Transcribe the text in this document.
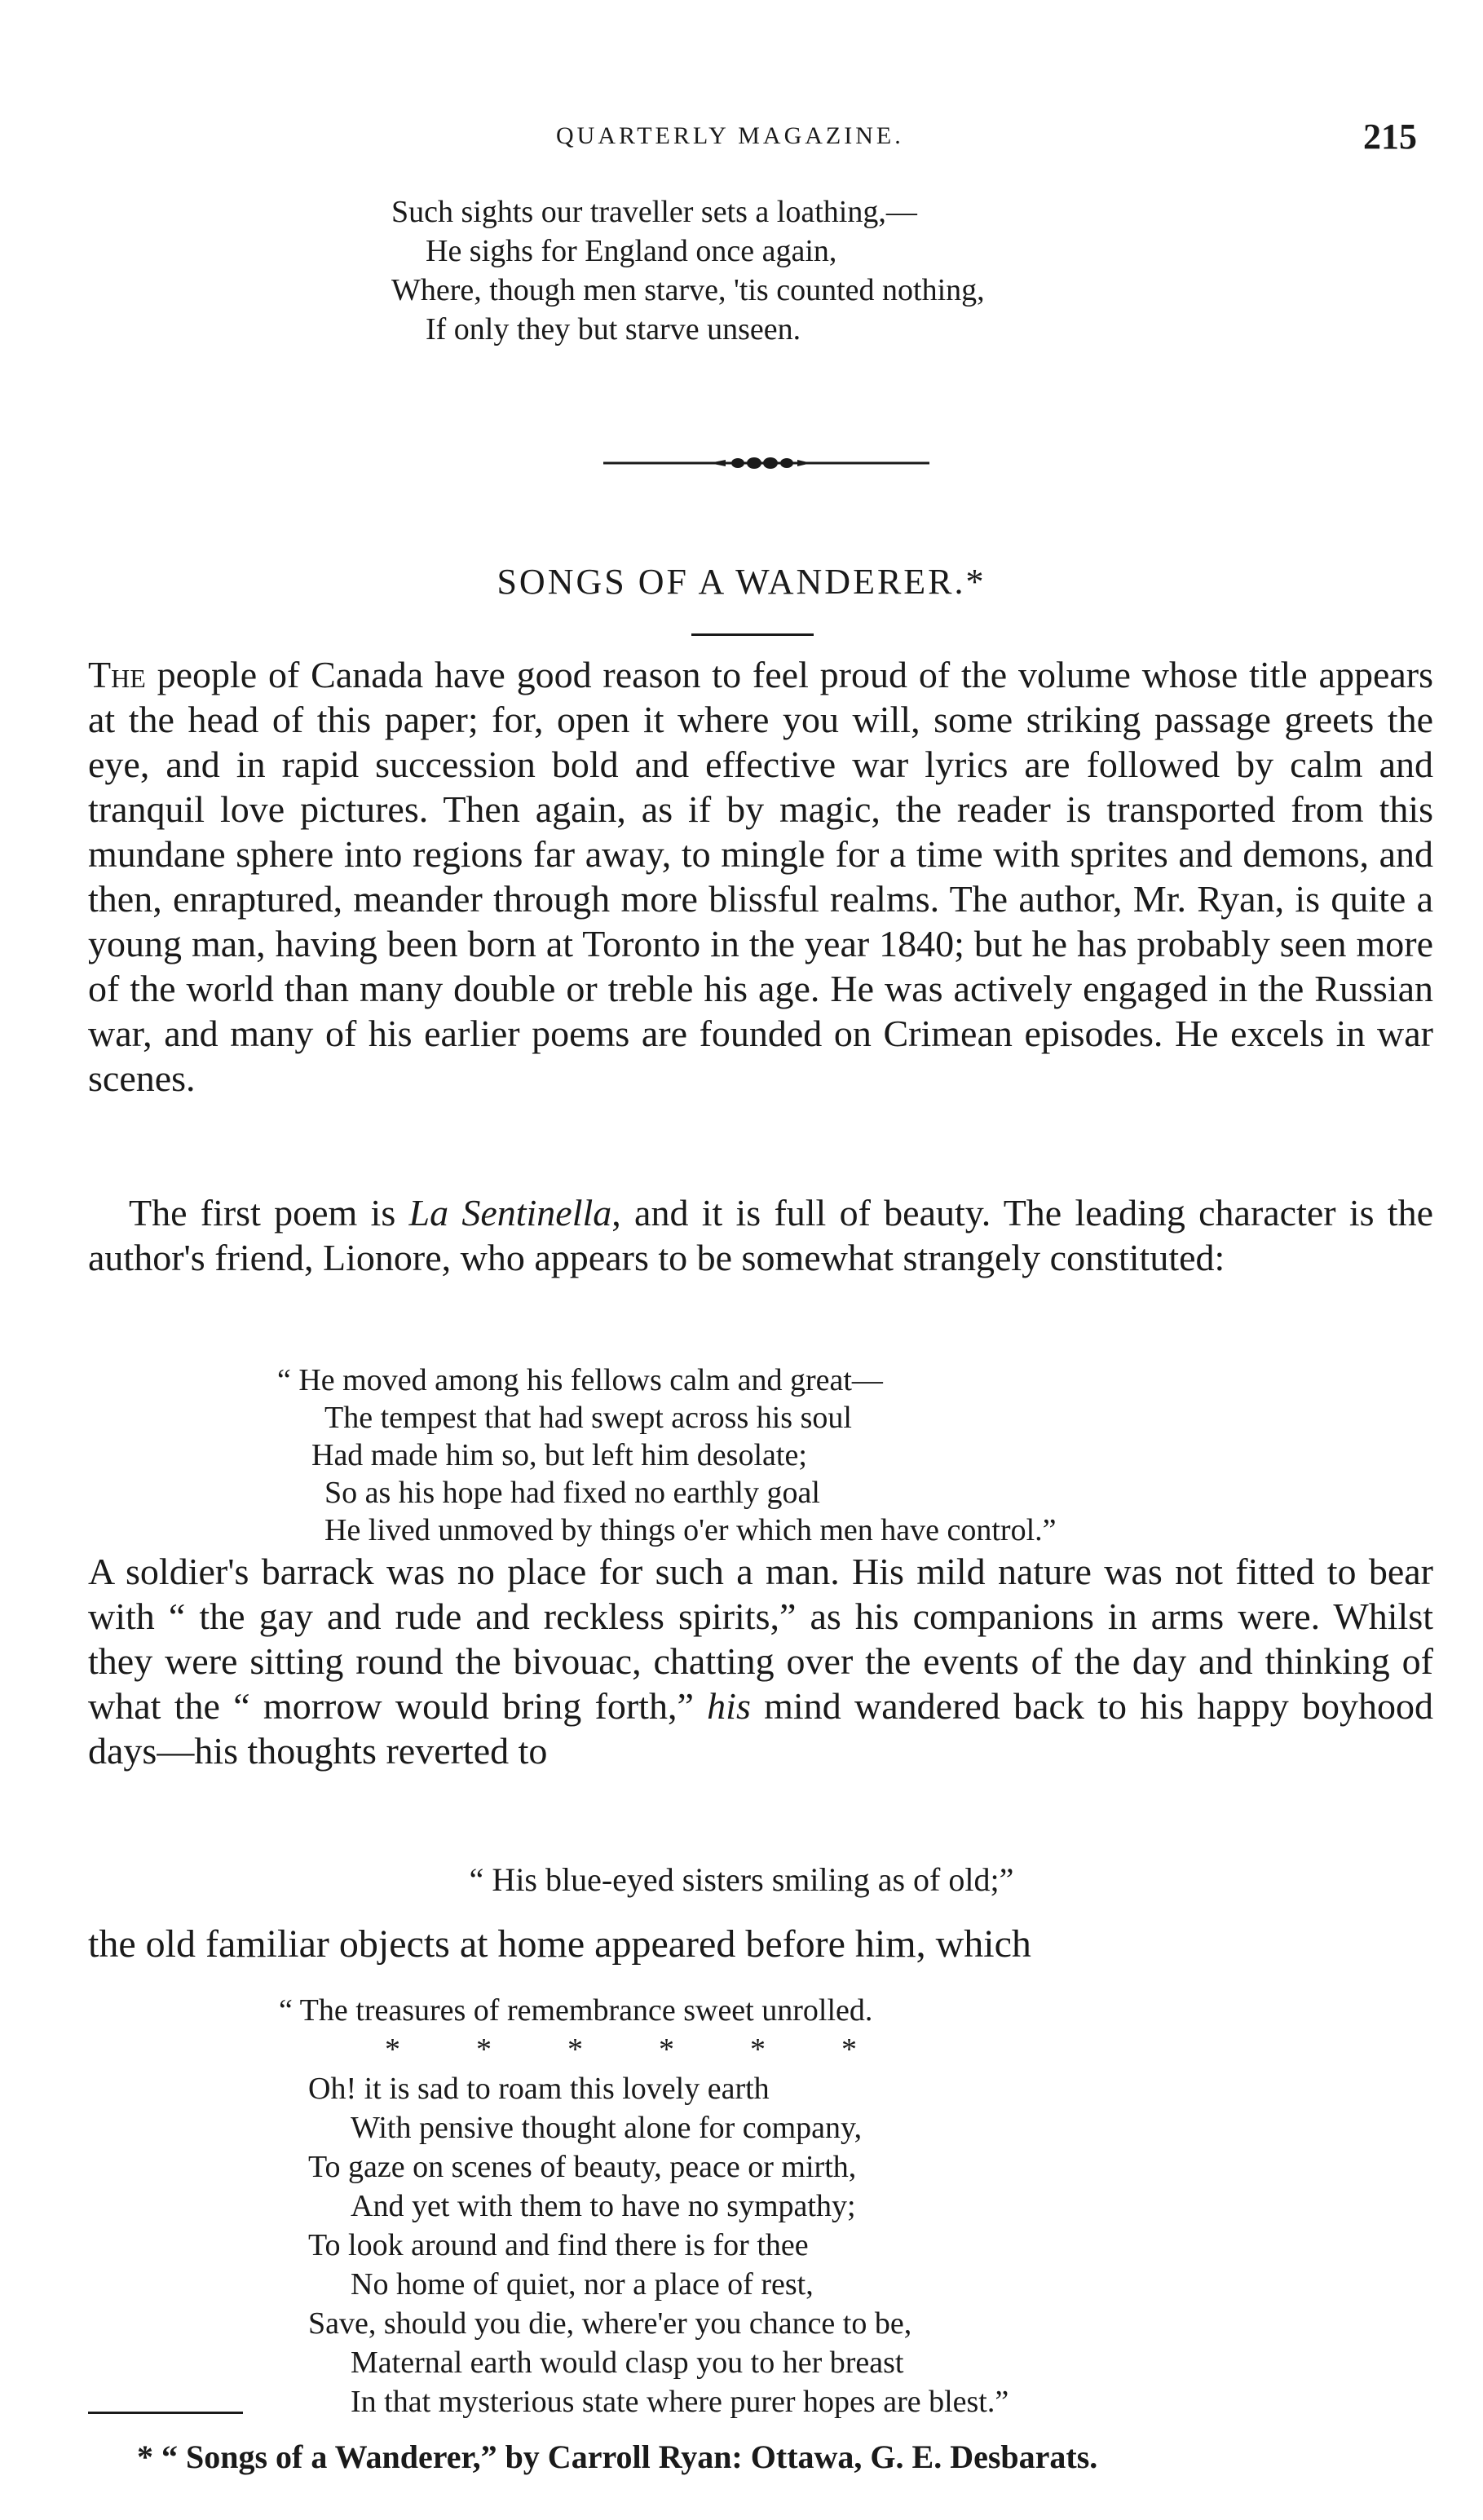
QUARTERLY MAGAZINE.	215
Such sights our traveller sets a loathing,—
He sighs for England once again,
Where, though men starve, 'tis counted nothing,
If only they but starve unseen.
SONGS OF A WANDERER.*

The people of Canada have good reason to feel proud of the volume whose title appears at the head of this paper; for, open it where you will, some striking passage greets the eye, and in rapid succession bold and effective war lyrics are followed by calm and tranquil love pictures. Then again, as if by magic, the reader is transported from this mundane sphere into regions far away, to mingle for a time with sprites and demons, and then, enraptured, meander through more blissful realms. The author, Mr. Ryan, is quite a young man, having been born at Toronto in the year 1840; but he has probably seen more of the world than many double or treble his age. He was actively engaged in the Russian war, and many of his earlier poems are founded on Crimean episodes. He excels in war scenes.

The first poem is La Sentinella, and it is full of beauty. The leading character is the author's friend, Lionore, who appears to be somewhat strangely constituted:

“ He moved among his fellows calm and great—
The tempest that had swept across his soul
Had made him so, but left him desolate;
So as his hope had fixed no earthly goal
He lived unmoved by things o'er which men have control.”

A soldier's barrack was no place for such a man. His mild nature was not fitted to bear with “ the gay and rude and reckless spirits,” as his companions in arms were. Whilst they were sitting round the bivouac, chatting over the events of the day and thinking of what the “ morrow would bring forth,” his mind wandered back to his happy boyhood days—his thoughts reverted to

“ His blue-eyed sisters smiling as of old;”
the old familiar objects at home appeared before him, which
“ The treasures of remembrance sweet unrolled.
* * * * * *
Oh! it is sad to roam this lovely earth
With pensive thought alone for company,
To gaze on scenes of beauty, peace or mirth,
And yet with them to have no sympathy;
To look around and find there is for thee
No home of quiet, nor a place of rest,
Save, should you die, where'er you chance to be,
Maternal earth would clasp you to her breast
In that mysterious state where purer hopes are blest.”
* “ Songs of a Wanderer,” by Carroll Ryan: Ottawa, G. E. Desbarats.
